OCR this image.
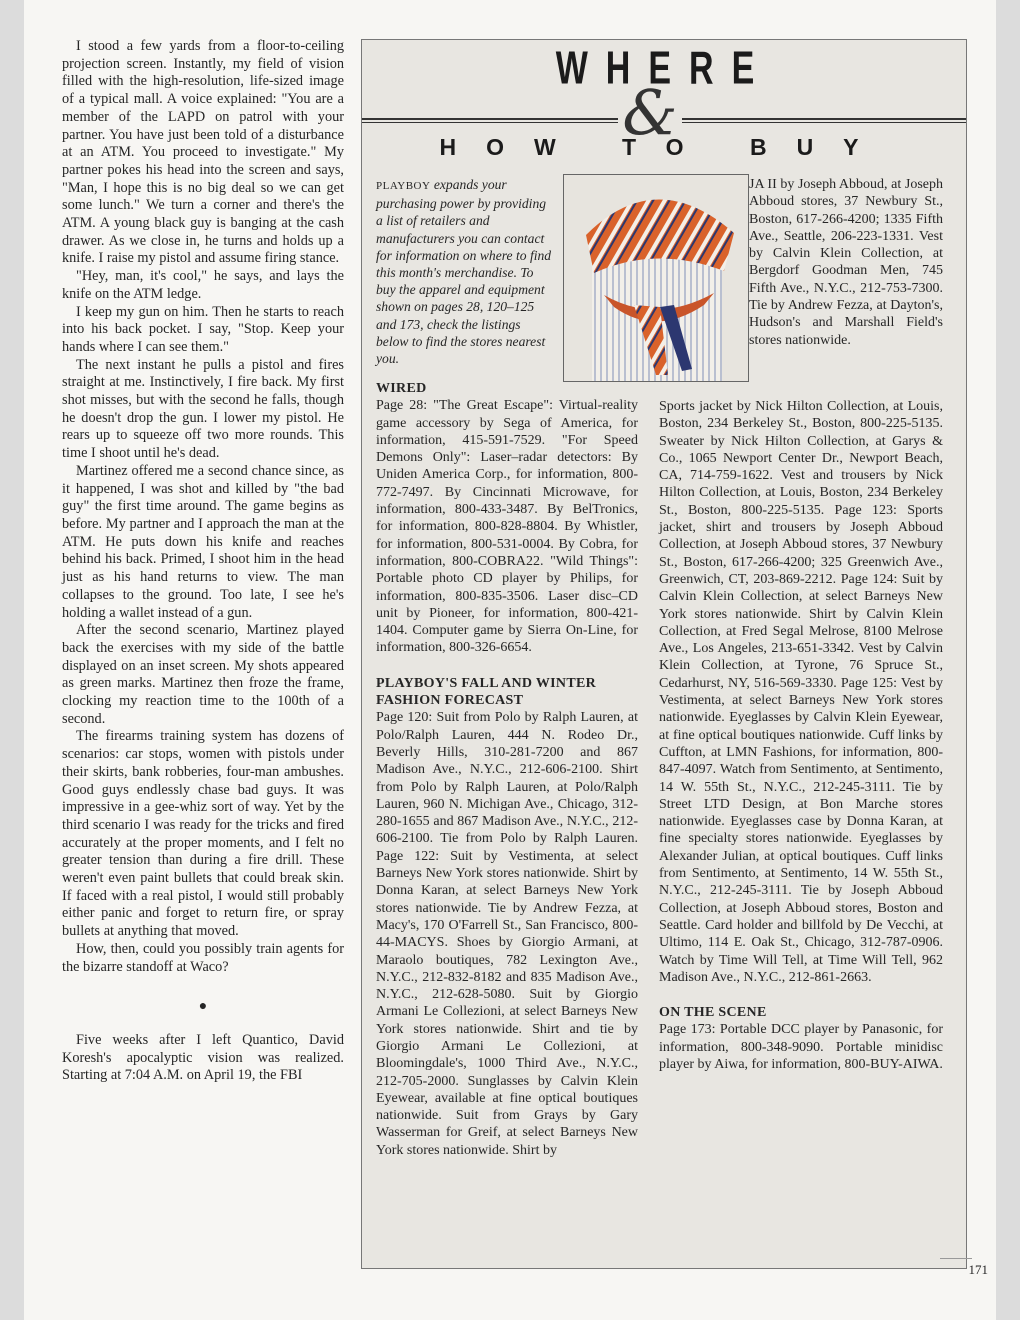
I stood a few yards from a floor-to-ceiling projection screen. Instantly, my field of vision filled with the high-resolution, life-sized image of a typical mall. A voice explained: "You are a member of the LAPD on patrol with your partner. You have just been told of a disturbance at an ATM. You proceed to investigate." My partner pokes his head into the screen and says, "Man, I hope this is no big deal so we can get some lunch." We turn a corner and there's the ATM. A young black guy is banging at the cash drawer. As we close in, he turns and holds up a knife. I raise my pistol and assume firing stance.

"Hey, man, it's cool," he says, and lays the knife on the ATM ledge.

I keep my gun on him. Then he starts to reach into his back pocket. I say, "Stop. Keep your hands where I can see them."

The next instant he pulls a pistol and fires straight at me. Instinctively, I fire back. My first shot misses, but with the second he falls, though he doesn't drop the gun. I lower my pistol. He rears up to squeeze off two more rounds. This time I shoot until he's dead.

Martinez offered me a second chance since, as it happened, I was shot and killed by "the bad guy" the first time around. The game begins as before. My partner and I approach the man at the ATM. He puts down his knife and reaches behind his back. Primed, I shoot him in the head just as his hand returns to view. The man collapses to the ground. Too late, I see he's holding a wallet instead of a gun.

After the second scenario, Martinez played back the exercises with my side of the battle displayed on an inset screen. My shots appeared as green marks. Martinez then froze the frame, clocking my reaction time to the 100th of a second.

The firearms training system has dozens of scenarios: car stops, women with pistols under their skirts, bank robberies, four-man ambushes. Good guys endlessly chase bad guys. It was impressive in a gee-whiz sort of way. Yet by the third scenario I was ready for the tricks and fired accurately at the proper moments, and I felt no greater tension than during a fire drill. These weren't even paint bullets that could break skin. If faced with a real pistol, I would still probably either panic and forget to return fire, or spray bullets at anything that moved.

How, then, could you possibly train agents for the bizarre standoff at Waco?

●

Five weeks after I left Quantico, David Koresh's apocalyptic vision was realized. Starting at 7:04 A.M. on April 19, the FBI

WHERE
&
HOW TO BUY
PLAYBOY expands your purchasing power by providing a list of retailers and manufacturers you can contact for information on where to find this month's merchandise. To buy the apparel and equipment shown on pages 28, 120–125 and 173, check the listings below to find the stores nearest you.
JA II by Joseph Abboud, at Joseph Abboud stores, 37 Newbury St., Boston, 617-266-4200; 1335 Fifth Ave., Seattle, 206-223-1331. Vest by Calvin Klein Collection, at Bergdorf Goodman Men, 745 Fifth Ave., N.Y.C., 212-753-7300. Tie by Andrew Fezza, at Dayton's, Hudson's and Marshall Field's stores nationwide.
WIRED
Page 28: "The Great Escape": Virtual-reality game accessory by Sega of America, for information, 415-591-7529. "For Speed Demons Only": Laser–radar detectors: By Uniden America Corp., for information, 800-772-7497. By Cincinnati Microwave, for information, 800-433-3487. By BelTronics, for information, 800-828-8804. By Whistler, for information, 800-531-0004. By Cobra, for information, 800-COBRA22. "Wild Things": Portable photo CD player by Philips, for information, 800-835-3506. Laser disc–CD unit by Pioneer, for information, 800-421-1404. Computer game by Sierra On-Line, for information, 800-326-6654.
PLAYBOY'S FALL AND WINTER FASHION FORECAST
Page 120: Suit from Polo by Ralph Lauren, at Polo/Ralph Lauren, 444 N. Rodeo Dr., Beverly Hills, 310-281-7200 and 867 Madison Ave., N.Y.C., 212-606-2100. Shirt from Polo by Ralph Lauren, at Polo/Ralph Lauren, 960 N. Michigan Ave., Chicago, 312-280-1655 and 867 Madison Ave., N.Y.C., 212-606-2100. Tie from Polo by Ralph Lauren. Page 122: Suit by Vestimenta, at select Barneys New York stores nationwide. Shirt by Donna Karan, at select Barneys New York stores nationwide. Tie by Andrew Fezza, at Macy's, 170 O'Farrell St., San Francisco, 800-44-MACYS. Shoes by Giorgio Armani, at Maraolo boutiques, 782 Lexington Ave., N.Y.C., 212-832-8182 and 835 Madison Ave., N.Y.C., 212-628-5080. Suit by Giorgio Armani Le Collezioni, at select Barneys New York stores nationwide. Shirt and tie by Giorgio Armani Le Collezioni, at Bloomingdale's, 1000 Third Ave., N.Y.C., 212-705-2000. Sunglasses by Calvin Klein Eyewear, available at fine optical boutiques nationwide. Suit from Grays by Gary Wasserman for Greif, at select Barneys New York stores nationwide. Shirt by
Sports jacket by Nick Hilton Collection, at Louis, Boston, 234 Berkeley St., Boston, 800-225-5135. Sweater by Nick Hilton Collection, at Garys & Co., 1065 Newport Center Dr., Newport Beach, CA, 714-759-1622. Vest and trousers by Nick Hilton Collection, at Louis, Boston, 234 Berkeley St., Boston, 800-225-5135. Page 123: Sports jacket, shirt and trousers by Joseph Abboud Collection, at Joseph Abboud stores, 37 Newbury St., Boston, 617-266-4200; 325 Greenwich Ave., Greenwich, CT, 203-869-2212. Page 124: Suit by Calvin Klein Collection, at select Barneys New York stores nationwide. Shirt by Calvin Klein Collection, at Fred Segal Melrose, 8100 Melrose Ave., Los Angeles, 213-651-3342. Vest by Calvin Klein Collection, at Tyrone, 76 Spruce St., Cedarhurst, NY, 516-569-3330. Page 125: Vest by Vestimenta, at select Barneys New York stores nationwide. Eyeglasses by Calvin Klein Eyewear, at fine optical boutiques nationwide. Cuff links by Cuffton, at LMN Fashions, for information, 800-847-4097. Watch from Sentimento, at Sentimento, 14 W. 55th St., N.Y.C., 212-245-3111. Tie by Street LTD Design, at Bon Marche stores nationwide. Eyeglasses case by Donna Karan, at fine specialty stores nationwide. Eyeglasses by Alexander Julian, at optical boutiques. Cuff links from Sentimento, at Sentimento, 14 W. 55th St., N.Y.C., 212-245-3111. Tie by Joseph Abboud Collection, at Joseph Abboud stores, Boston and Seattle. Card holder and billfold by De Vecchi, at Ultimo, 114 E. Oak St., Chicago, 312-787-0906. Watch by Time Will Tell, at Time Will Tell, 962 Madison Ave., N.Y.C., 212-861-2663.
ON THE SCENE
Page 173: Portable DCC player by Panasonic, for information, 800-348-9090. Portable minidisc player by Aiwa, for information, 800-BUY-AIWA.
171
